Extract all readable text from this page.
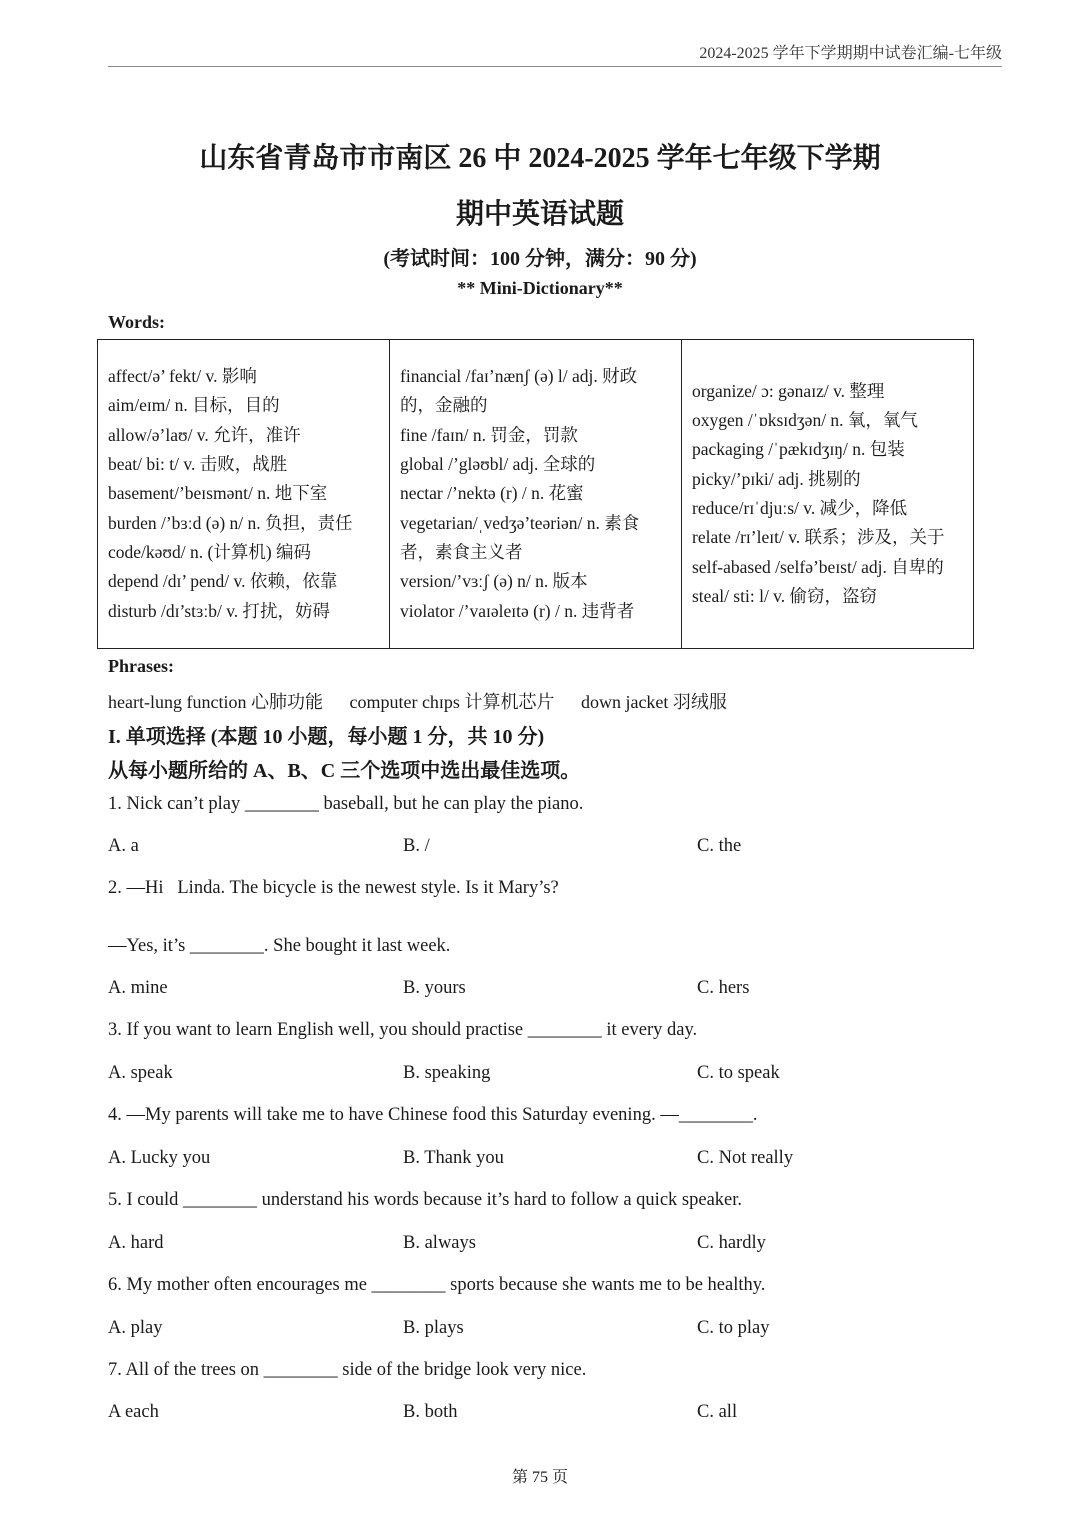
2024-2025 学年下学期期中试卷汇编-七年级
山东省青岛市市南区 26 中 2024-2025 学年七年级下学期
期中英语试题
(考试时间：100 分钟，满分：90 分)
** Mini-Dictionary**
Words:
affect/ə’ fekt/ v. 影响
aim/eɪm/ n. 目标，目的
allow/ə’laʊ/ v. 允许，准许
beat/ bi: t/ v. 击败，战胜
basement/’beɪsmənt/ n. 地下室
burden /’bɜːd (ə) n/ n. 负担，责任
code/kəʊd/ n. (计算机) 编码
depend /dɪ’ pend/ v. 依赖，依靠
disturb /dɪ’stɜːb/ v. 打扰，妨碍

financial /faɪ’nænʃ (ə) l/ adj. 财政的，金融的
fine /faɪn/ n. 罚金，罚款
global /’gləʊbl/ adj. 全球的
nectar /’nektə (r) / n. 花蜜
vegetarian/ˌvedʒə’teəriən/ n. 素食者，素食主义者
version/’vɜːʃ (ə) n/ n. 版本
violator /’vaɪəleɪtə (r) / n. 违背者

organize/ ɔ: gənaɪz/ v. 整理
oxygen /ˈɒksɪdʒən/ n. 氧，氧气
packaging /ˈpækɪdʒɪŋ/ n. 包装
picky/’pɪki/ adj. 挑剔的
reduce/rɪˈdjuːs/ v. 减少，降低
relate /rɪ’leɪt/ v. 联系；涉及，关于
self-abased /selfə’beɪst/ adj. 自卑的
steal/ sti: l/ v. 偷窃，盗窃
Phrases:
heart-lung function 心肺功能 computer chɪps 计算机芯片 down jacket 羽绒服
I. 单项选择 (本题 10 小题，每小题 1 分，共 10 分)
从每小题所给的 A、B、C 三个选项中选出最佳选项。
1. Nick can’t play ________ baseball, but he can play the piano.
A. a	B. /	C. the
2. —Hi   Linda. The bicycle is the newest style. Is it Mary’s?
—Yes, it’s ________. She bought it last week.
A. mine	B. yours	C. hers
3. If you want to learn English well, you should practise ________ it every day.
A. speak	B. speaking	C. to speak
4. —My parents will take me to have Chinese food this Saturday evening. —________.
A. Lucky you	B. Thank you	C. Not really
5. I could ________ understand his words because it’s hard to follow a quick speaker.
A. hard	B. always	C. hardly
6. My mother often encourages me ________ sports because she wants me to be healthy.
A. play	B. plays	C. to play
7. All of the trees on ________ side of the bridge look very nice.
A each	B. both	C. all
第 75 页
